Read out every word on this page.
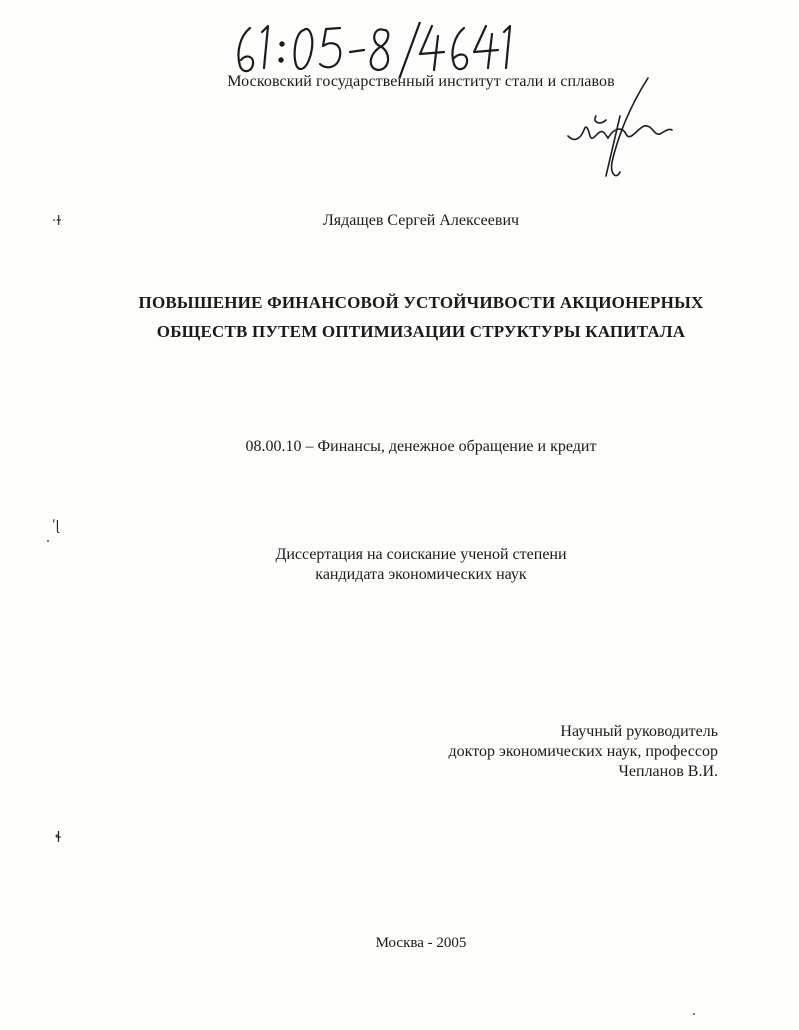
Московский государственный институт стали и сплавов
Лядащев Сергей Алексеевич
ПОВЫШЕНИЕ ФИНАНСОВОЙ УСТОЙЧИВОСТИ АКЦИОНЕРНЫХ
ОБЩЕСТВ ПУТЕМ ОПТИМИЗАЦИИ СТРУКТУРЫ КАПИТАЛА
08.00.10 – Финансы, денежное обращение и кредит
Диссертация на соискание ученой степени
кандидата экономических наук
Научный руководитель
доктор экономических наук, профессор
Чепланов В.И.
Москва - 2005
·ɫ
ʹɭ
ɬ
